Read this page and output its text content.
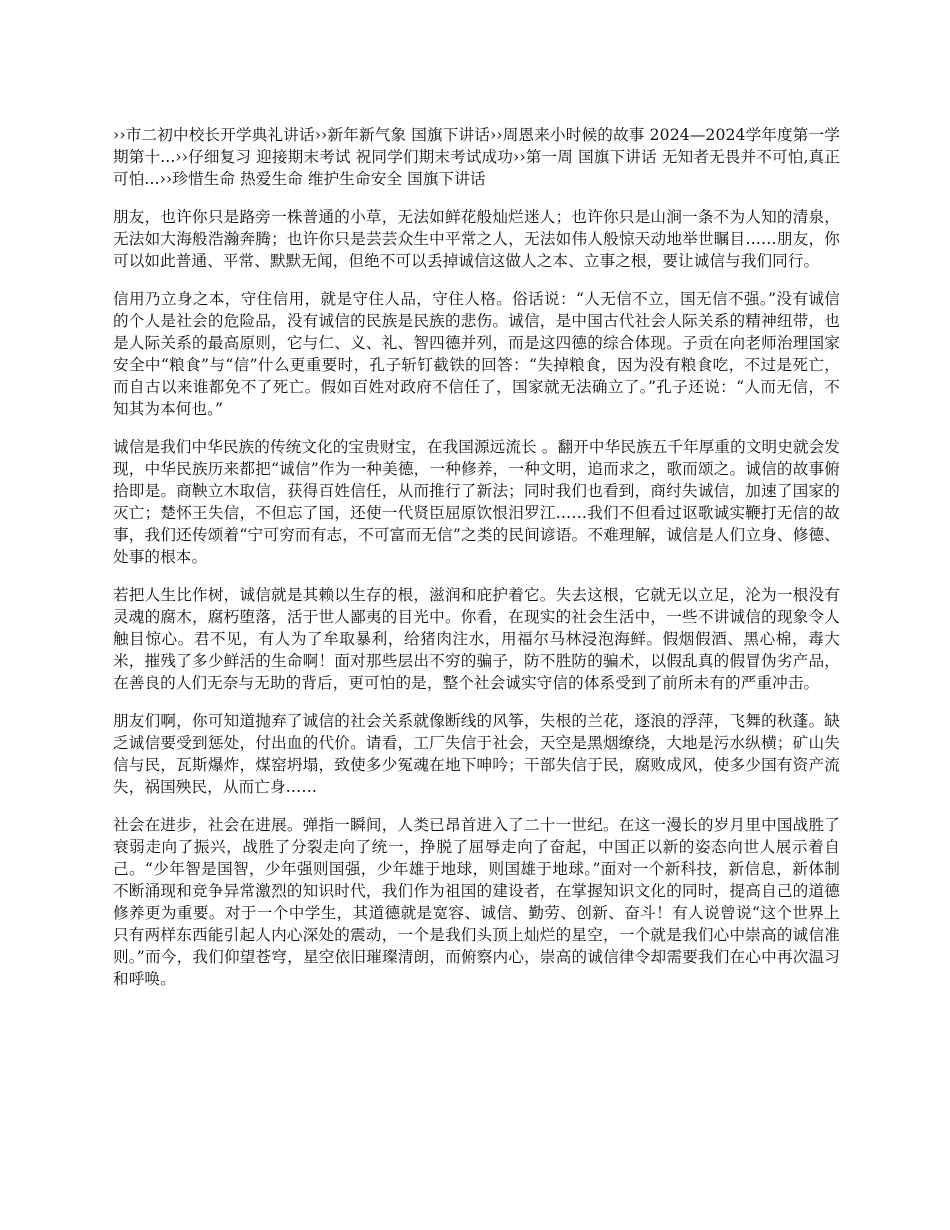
››市二初中校长开学典礼讲话››新年新气象 国旗下讲话››周恩来小时候的故事 2024—2024学年度第一学期第十...››仔细复习 迎接期末考试 祝同学们期末考试成功››第一周 国旗下讲话 无知者无畏并不可怕,真正可怕...››珍惜生命 热爱生命 维护生命安全 国旗下讲话

朋友，也许你只是路旁一株普通的小草，无法如鲜花般灿烂迷人；也许你只是山涧一条不为人知的清泉，无法如大海般浩瀚奔腾；也许你只是芸芸众生中平常之人，无法如伟人般惊天动地举世瞩目……朋友，你可以如此普通、平常、默默无闻，但绝不可以丢掉诚信这做人之本、立事之根，要让诚信与我们同行。

信用乃立身之本，守住信用，就是守住人品，守住人格。俗话说：“人无信不立，国无信不强。”没有诚信的个人是社会的危险品，没有诚信的民族是民族的悲伤。诚信，是中国古代社会人际关系的精神纽带，也是人际关系的最高原则，它与仁、义、礼、智四德并列，而是这四德的综合体现。子贡在向老师治理国家安全中“粮食”与“信”什么更重要时，孔子斩钉截铁的回答：“失掉粮食，因为没有粮食吃，不过是死亡，而自古以来谁都免不了死亡。假如百姓对政府不信任了，国家就无法确立了。”孔子还说：“人而无信，不知其为本何也。”

诚信是我们中华民族的传统文化的宝贵财宝，在我国源远流长 。翻开中华民族五千年厚重的文明史就会发现，中华民族历来都把“诚信”作为一种美德，一种修养，一种文明，追而求之，歌而颂之。诚信的故事俯拾即是。商鞅立木取信，获得百姓信任，从而推行了新法；同时我们也看到，商纣失诚信，加速了国家的灭亡；楚怀王失信，不但忘了国，还使一代贤臣屈原饮恨汨罗江……我们不但看过讴歌诚实鞭打无信的故事，我们还传颂着“宁可穷而有志，不可富而无信”之类的民间谚语。不难理解，诚信是人们立身、修德、处事的根本。

若把人生比作树，诚信就是其赖以生存的根，滋润和庇护着它。失去这根，它就无以立足，沦为一根没有灵魂的腐木，腐朽堕落，活于世人鄙夷的目光中。你看，在现实的社会生活中，一些不讲诚信的现象令人触目惊心。君不见，有人为了牟取暴利，给猪肉注水，用福尔马林浸泡海鲜。假烟假酒、黑心棉，毒大米，摧残了多少鲜活的生命啊！面对那些层出不穷的骗子，防不胜防的骗术，以假乱真的假冒伪劣产品，在善良的人们无奈与无助的背后，更可怕的是，整个社会诚实守信的体系受到了前所未有的严重冲击。

朋友们啊，你可知道抛弃了诚信的社会关系就像断线的风筝，失根的兰花，逐浪的浮萍，飞舞的秋蓬。缺乏诚信要受到惩处，付出血的代价。请看，工厂失信于社会，天空是黑烟缭绕，大地是污水纵横；矿山失信与民，瓦斯爆炸，煤窑坍塌，致使多少冤魂在地下呻吟；干部失信于民，腐败成风，使多少国有资产流失，祸国殃民，从而亡身……

社会在进步，社会在进展。弹指一瞬间，人类已昂首进入了二十一世纪。在这一漫长的岁月里中国战胜了衰弱走向了振兴，战胜了分裂走向了统一，挣脱了屈辱走向了奋起，中国正以新的姿态向世人展示着自己。“少年智是国智，少年强则国强，少年雄于地球，则国雄于地球。”面对一个新科技，新信息，新体制不断涌现和竞争异常激烈的知识时代，我们作为祖国的建设者，在掌握知识文化的同时，提高自己的道德修养更为重要。对于一个中学生，其道德就是宽容、诚信、勤劳、创新、奋斗！有人说曾说“这个世界上只有两样东西能引起人内心深处的震动，一个是我们头顶上灿烂的星空，一个就是我们心中崇高的诚信准则。”而今，我们仰望苍穹，星空依旧璀璨清朗，而俯察内心，崇高的诚信律令却需要我们在心中再次温习和呼唤。
